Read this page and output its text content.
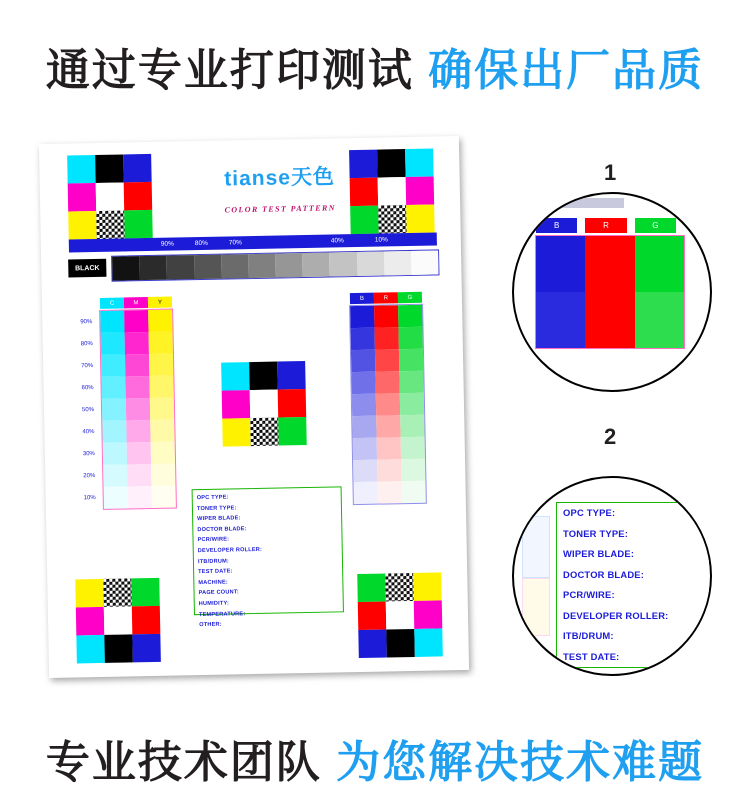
通过专业打印测试 确保出厂品质
tianse天色
COLOR TEST PATTERN
90%	80%	70%	40%	10%
BLACK
C	M	Y
90%
80%
70%
60%
50%
40%
30%
20%
10%
B	R	G
OPC TYPE:
TONER TYPE:
WIPER BLADE:
DOCTOR BLADE:
PCR/WIRE:
DEVELOPER ROLLER:
ITB/DRUM:
TEST DATE:
MACHINE:
PAGE COUNT:
HUMIDITY:
TEMPERATURE:
OTHER:
1
B	R	G
2
OPC TYPE:
TONER TYPE:
WIPER BLADE:
DOCTOR BLADE:
PCR/WIRE:
DEVELOPER ROLLER:
ITB/DRUM:
TEST DATE:
专业技术团队 为您解决技术难题
